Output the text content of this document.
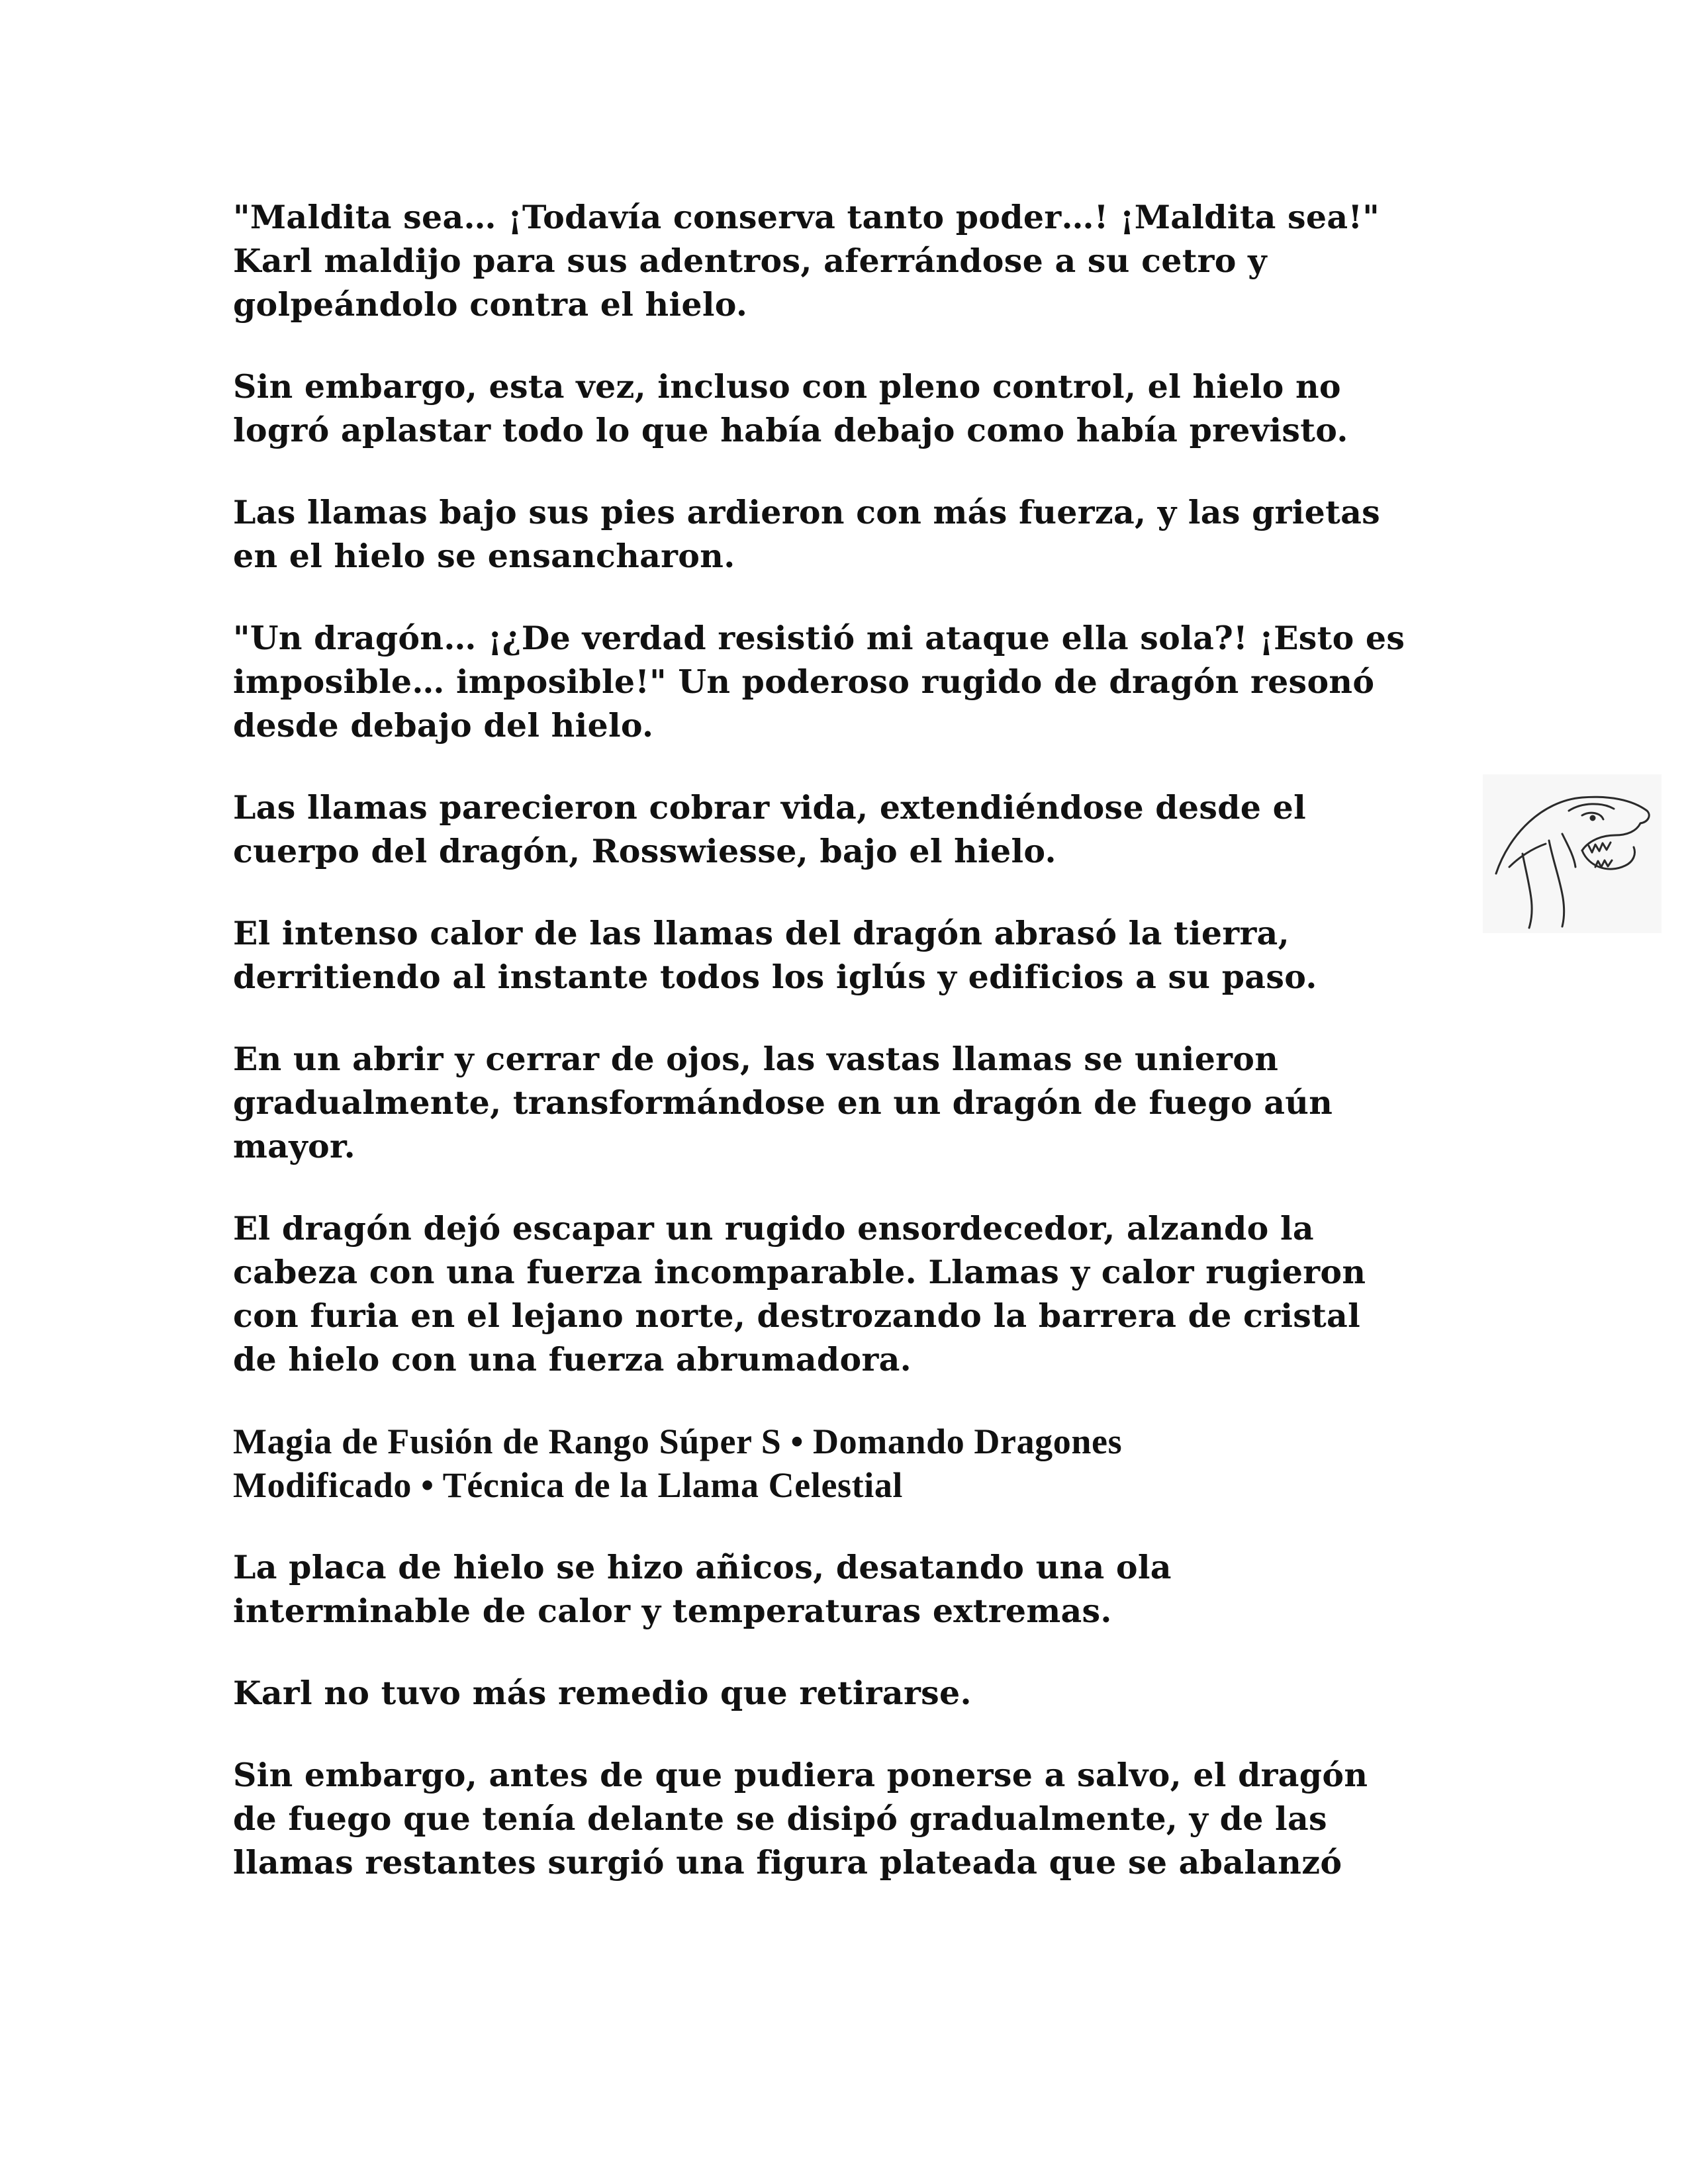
"Maldita sea… ¡Todavía conserva tanto poder…! ¡Maldita sea!"
Karl maldijo para sus adentros, aferrándose a su cetro y
golpeándolo contra el hielo.

Sin embargo, esta vez, incluso con pleno control, el hielo no
logró aplastar todo lo que había debajo como había previsto.

Las llamas bajo sus pies ardieron con más fuerza, y las grietas
en el hielo se ensancharon.

"Un dragón… ¡¿De verdad resistió mi ataque ella sola?! ¡Esto es
imposible… imposible!" Un poderoso rugido de dragón resonó
desde debajo del hielo.

Las llamas parecieron cobrar vida, extendiéndose desde el
cuerpo del dragón, Rosswiesse, bajo el hielo.

El intenso calor de las llamas del dragón abrasó la tierra,
derritiendo al instante todos los iglús y edificios a su paso.

En un abrir y cerrar de ojos, las vastas llamas se unieron
gradualmente, transformándose en un dragón de fuego aún
mayor.

El dragón dejó escapar un rugido ensordecedor, alzando la
cabeza con una fuerza incomparable. Llamas y calor rugieron
con furia en el lejano norte, destrozando la barrera de cristal
de hielo con una fuerza abrumadora.

Magia de Fusión de Rango Súper S • Domando Dragones
Modificado • Técnica de la Llama Celestial

La placa de hielo se hizo añicos, desatando una ola
interminable de calor y temperaturas extremas.

Karl no tuvo más remedio que retirarse.

Sin embargo, antes de que pudiera ponerse a salvo, el dragón
de fuego que tenía delante se disipó gradualmente, y de las
llamas restantes surgió una figura plateada que se abalanzó
